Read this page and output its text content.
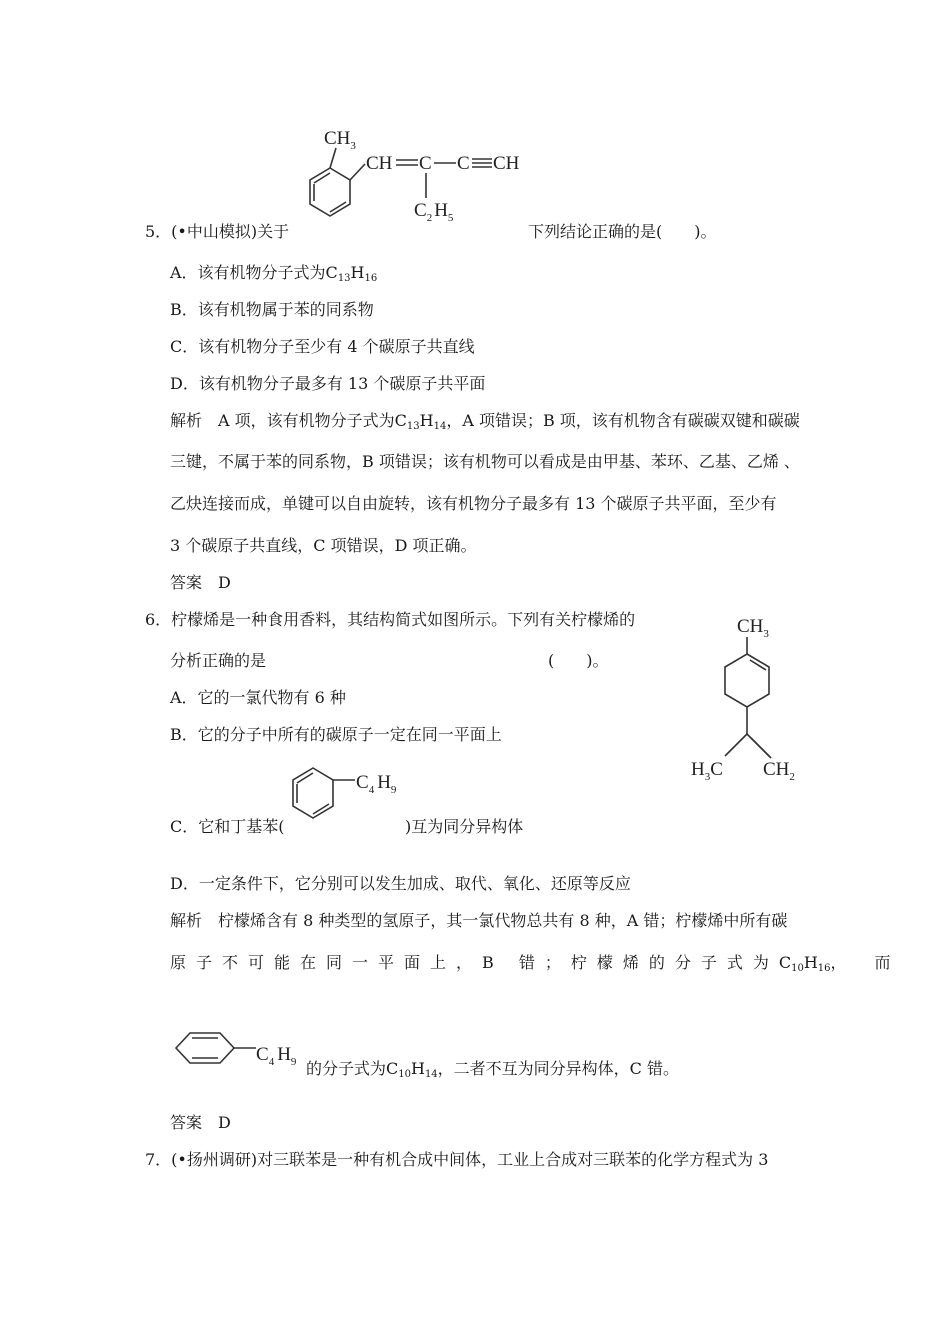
$CH_3$
CH C C CH
$C_2$ $H_5$
5．(•中山模拟)关于	下列结论正确的是(　　)。
A．该有机物分子式为$C_{13}H_{16}$
B．该有机物属于苯的同系物
C．该有机物分子至少有 4 个碳原子共直线
D．该有机物分子最多有 13 个碳原子共平面
解析　A 项，该有机物分子式为$C_{13}H_{14}$，A 项错误；B 项，该有机物含有碳碳双键和碳碳
三键，不属于苯的同系物，B 项错误；该有机物可以看成是由甲基、苯环、乙基、乙烯 、
乙炔连接而成，单键可以自由旋转，该有机物分子最多有 13 个碳原子共平面，至少有
3 个碳原子共直线，C 项错误，D 项正确。
答案　D
6．柠檬烯是一种食用香料，其结构简式如图所示。下列有关柠檬烯的
分析正确的是	(　　)。
$CH_3$
$H_3C$ $CH_2$
A．它的一氯代物有 6 种
B．它的分子中所有的碳原子一定在同一平面上
$C_4$ $H_9$
C．它和丁基苯(	)互为同分异构体
D．一定条件下，它分别可以发生加成、取代、氧化、还原等反应
解析　柠檬烯含有 8 种类型的氢原子，其一氯代物总共有 8 种，A 错；柠檬烯中所有碳
原子不可能在同一平面上，B 错；柠檬烯的分子式为$C_{10}H_{16}$，　而
$C_4$ $H_9$ 的分子式为$C_{10}H_{14}$，二者不互为同分异构体，C 错。
答案　D
7．(•扬州调研)对三联苯是一种有机合成中间体，工业上合成对三联苯的化学方程式为 3
